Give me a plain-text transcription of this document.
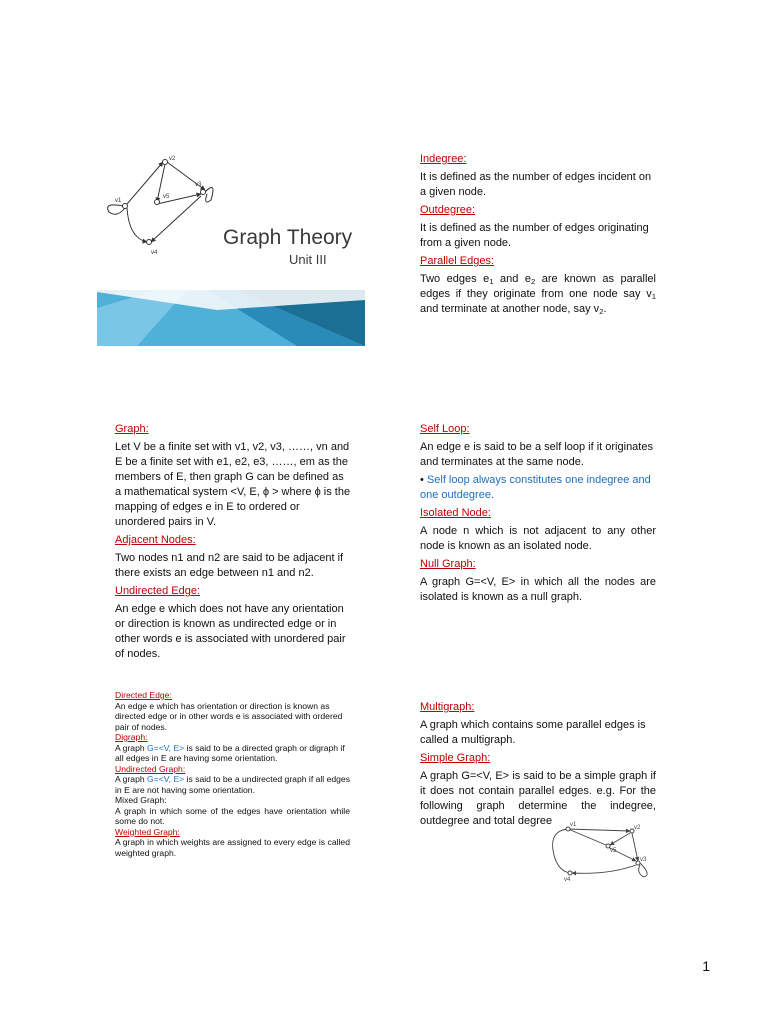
v1
v2
v3
v4
v5
Graph Theory
Unit III

Indegree:

It is defined as the number of edges incident on a given node.

Outdegree:

It is defined as the number of edges originating from a given node.

Parallel Edges:

Two edges $e_1$ and $e_2$ are known as parallel edges if they originate from one node say $v_1$ and terminate at another node, say $v_2$.

Graph:

Let V be a finite set with v1, v2, v3, ……, vn and E be a finite set with e1, e2, e3, ……, em as the members of E, then graph G can be defined as a mathematical system <V, E, ϕ > where ϕ is the mapping of edges e in E to ordered or unordered pairs in V.

Adjacent Nodes:

Two nodes n1 and n2 are said to be adjacent if there exists an edge between n1 and n2.

Undirected Edge:

An edge e which does not have any orientation or direction is known as undirected edge or in other words e is associated with unordered pair of nodes.

Self Loop:

An edge e is said to be a self loop if it originates and terminates at the same node.

• Self loop always constitutes one indegree and one outdegree.

Isolated Node:

A node n which is not adjacent to any other node is known as an isolated node.

Null Graph:

A graph G=<V, E> in which all the nodes are isolated is known as a null graph.

Directed Edge:

An edge e which has orientation or direction is known as directed edge or in other words e is associated with ordered pair of nodes.

Digraph:

A graph G=<V, E> is said to be a directed graph or digraph if all edges in E are having some orientation.

Undirected Graph:

A graph G=<V, E> is said to be a undirected graph if all edges in E are not having some orientation.

Mixed Graph:

A graph in which some of the edges have orientation while some do not.

Weighted Graph:

A graph in which weights are assigned to every edge is called weighted graph.

Multigraph:

A graph which contains some parallel edges is called a multigraph.

Simple Graph:

A graph G=<V, E> is said to be a simple graph if it does not contain parallel edges. e.g. For the following graph determine the indegree, outdegree and total degree	v1	v2
v5
v3
v4
1
